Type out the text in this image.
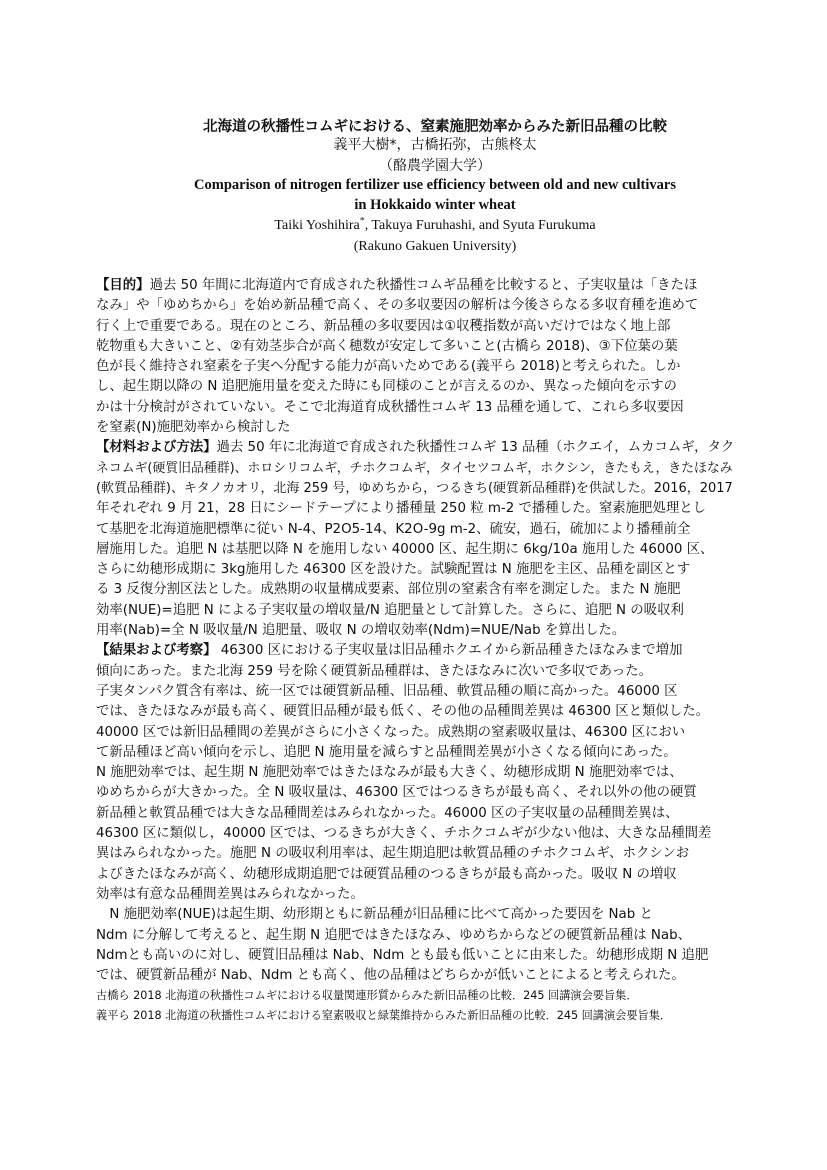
北海道の秋播性コムギにおける、窒素施肥効率からみた新旧品種の比較
義平大樹*，古橋拓弥，古熊柊太
（酪農学園大学）
Comparison of nitrogen fertilizer use efficiency between old and new cultivars
in Hokkaido winter wheat
Taiki Yoshihira*, Takuya Furuhashi, and Syuta Furukuma
(Rakuno Gakuen University)
【目的】過去 50 年間に北海道内で育成された秋播性コムギ品種を比較すると、子実収量は「きたほ
なみ」や「ゆめちから」を始め新品種で高く、その多収要因の解析は今後さらなる多収育種を進めて
行く上で重要である。現在のところ、新品種の多収要因は①収穫指数が高いだけではなく地上部
乾物重も大きいこと、②有効茎歩合が高く穂数が安定して多いこと(古橋ら 2018)、③下位葉の葉
色が長く維持され窒素を子実へ分配する能力が高いためである(義平ら 2018)と考えられた。しか
し、起生期以降の N 追肥施用量を変えた時にも同様のことが言えるのか、異なった傾向を示すの
かは十分検討がされていない。そこで北海道育成秋播性コムギ 13 品種を通して、これら多収要因
を窒素(N)施肥効率から検討した
【材料および方法】過去 50 年に北海道で育成された秋播性コムギ 13 品種（ホクエイ，ムカコムギ，タク
ネコムギ(硬質旧品種群)、ホロシリコムギ，チホクコムギ，タイセツコムギ，ホクシン，きたもえ，きたほなみ
(軟質品種群)、キタノカオリ，北海 259 号，ゆめちから，つるきち(硬質新品種群)を供試した。2016，2017
年それぞれ 9 月 21，28 日にシードテープにより播種量 250 粒 m-2 で播種した。窒素施肥処理とし
て基肥を北海道施肥標準に従い N-4、P2O5-14、K2O-9g m-2、硫安，過石，硫加により播種前全
層施用した。追肥 N は基肥以降 N を施用しない 40000 区、起生期に 6kg/10a 施用した 46000 区、
さらに幼穂形成期に 3kg施用した 46300 区を設けた。試験配置は N 施肥を主区、品種を副区とす
る 3 反復分割区法とした。成熟期の収量構成要素、部位別の窒素含有率を測定した。また N 施肥
効率(NUE)=追肥 N による子実収量の増収量/N 追肥量として計算した。さらに、追肥 N の吸収利
用率(Nab)=全 N 吸収量/N 追肥量、吸収 N の増収効率(Ndm)=NUE/Nab を算出した。
【結果および考察】 46300 区における子実収量は旧品種ホクエイから新品種きたほなみまで増加
傾向にあった。また北海 259 号を除く硬質新品種群は、きたほなみに次いで多収であった。
子実タンパク質含有率は、統一区では硬質新品種、旧品種、軟質品種の順に高かった。46000 区
では、きたほなみが最も高く、硬質旧品種が最も低く、その他の品種間差異は 46300 区と類似した。
40000 区では新旧品種間の差異がさらに小さくなった。成熟期の窒素吸収量は、46300 区におい
て新品種ほど高い傾向を示し、追肥 N 施用量を減らすと品種間差異が小さくなる傾向にあった。
N 施肥効率では、起生期 N 施肥効率ではきたほなみが最も大きく、幼穂形成期 N 施肥効率では、
ゆめちからが大きかった。全 N 吸収量は、46300 区ではつるきちが最も高く、それ以外の他の硬質
新品種と軟質品種では大きな品種間差はみられなかった。46000 区の子実収量の品種間差異は、
46300 区に類似し，40000 区では、つるきちが大きく、チホクコムギが少ない他は、大きな品種間差
異はみられなかった。施肥 N の吸収利用率は、起生期追肥は軟質品種のチホクコムギ、ホクシンお
よびきたほなみが高く、幼穂形成期追肥では硬質品種のつるきちが最も高かった。吸収 N の増収
効率は有意な品種間差異はみられなかった。
　N 施肥効率(NUE)は起生期、幼形期ともに新品種が旧品種に比べて高かった要因を Nab と
Ndm に分解して考えると、起生期 N 追肥ではきたほなみ、ゆめちからなどの硬質新品種は Nab、
Ndmとも高いのに対し、硬質旧品種は Nab、Ndm とも最も低いことに由来した。幼穂形成期 N 追肥
では、硬質新品種が Nab、Ndm とも高く、他の品種はどちらかが低いことによると考えられた。
古橋ら 2018 北海道の秋播性コムギにおける収量関連形質からみた新旧品種の比較．245 回講演会要旨集．
義平ら 2018 北海道の秋播性コムギにおける窒素吸収と緑葉維持からみた新旧品種の比較．245 回講演会要旨集．
